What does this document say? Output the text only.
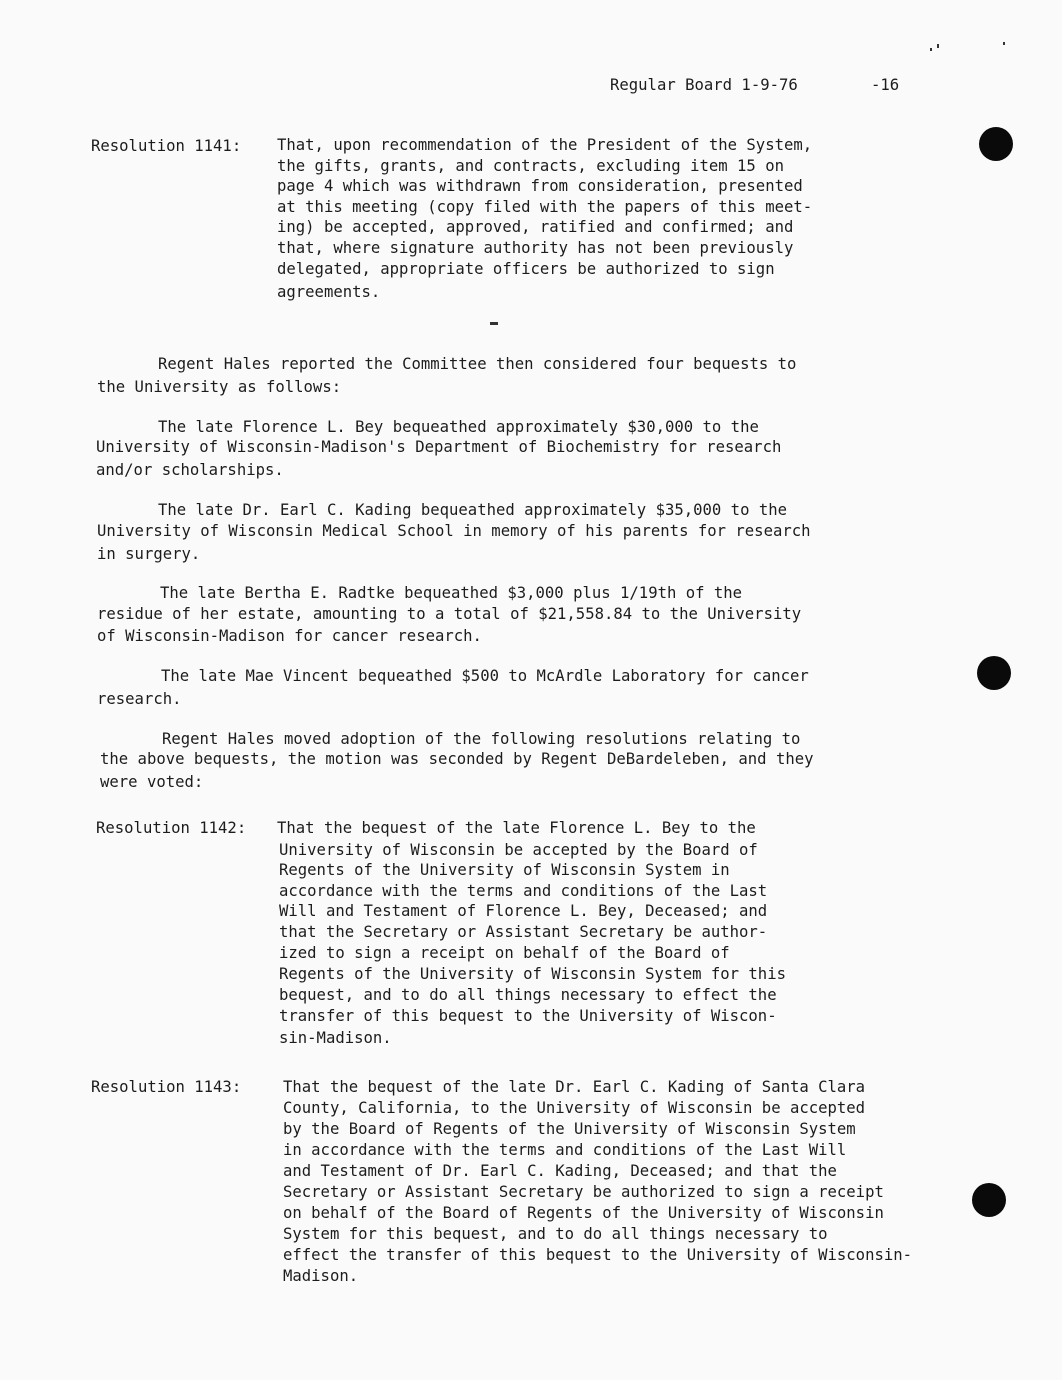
Regular Board 1-9-76	-16
Resolution 1141: That, upon recommendation of the President of the System,
the gifts, grants, and contracts, excluding item 15 on
page 4 which was withdrawn from consideration, presented
at this meeting (copy filed with the papers of this meet-
ing) be accepted, approved, ratified and confirmed; and
that, where signature authority has not been previously
delegated, appropriate officers be authorized to sign
agreements.
Regent Hales reported the Committee then considered four bequests to
the University as follows:
The late Florence L. Bey bequeathed approximately $30,000 to the
University of Wisconsin-Madison's Department of Biochemistry for research
and/or scholarships.
The late Dr. Earl C. Kading bequeathed approximately $35,000 to the
University of Wisconsin Medical School in memory of his parents for research
in surgery.
The late Bertha E. Radtke bequeathed $3,000 plus 1/19th of the
residue of her estate, amounting to a total of $21,558.84 to the University
of Wisconsin-Madison for cancer research.
The late Mae Vincent bequeathed $500 to McArdle Laboratory for cancer
research.
Regent Hales moved adoption of the following resolutions relating to
the above bequests, the motion was seconded by Regent DeBardeleben, and they
were voted:
Resolution 1142: That the bequest of the late Florence L. Bey to the
University of Wisconsin be accepted by the Board of
Regents of the University of Wisconsin System in
accordance with the terms and conditions of the Last
Will and Testament of Florence L. Bey, Deceased; and
that the Secretary or Assistant Secretary be author-
ized to sign a receipt on behalf of the Board of
Regents of the University of Wisconsin System for this
bequest, and to do all things necessary to effect the
transfer of this bequest to the University of Wiscon-
sin-Madison.
Resolution 1143:	That the bequest of the late Dr. Earl C. Kading of Santa Clara
County, California, to the University of Wisconsin be accepted
by the Board of Regents of the University of Wisconsin System
in accordance with the terms and conditions of the Last Will
and Testament of Dr. Earl C. Kading, Deceased; and that the
Secretary or Assistant Secretary be authorized to sign a receipt
on behalf of the Board of Regents of the University of Wisconsin
System for this bequest, and to do all things necessary to
effect the transfer of this bequest to the University of Wisconsin-
Madison.
